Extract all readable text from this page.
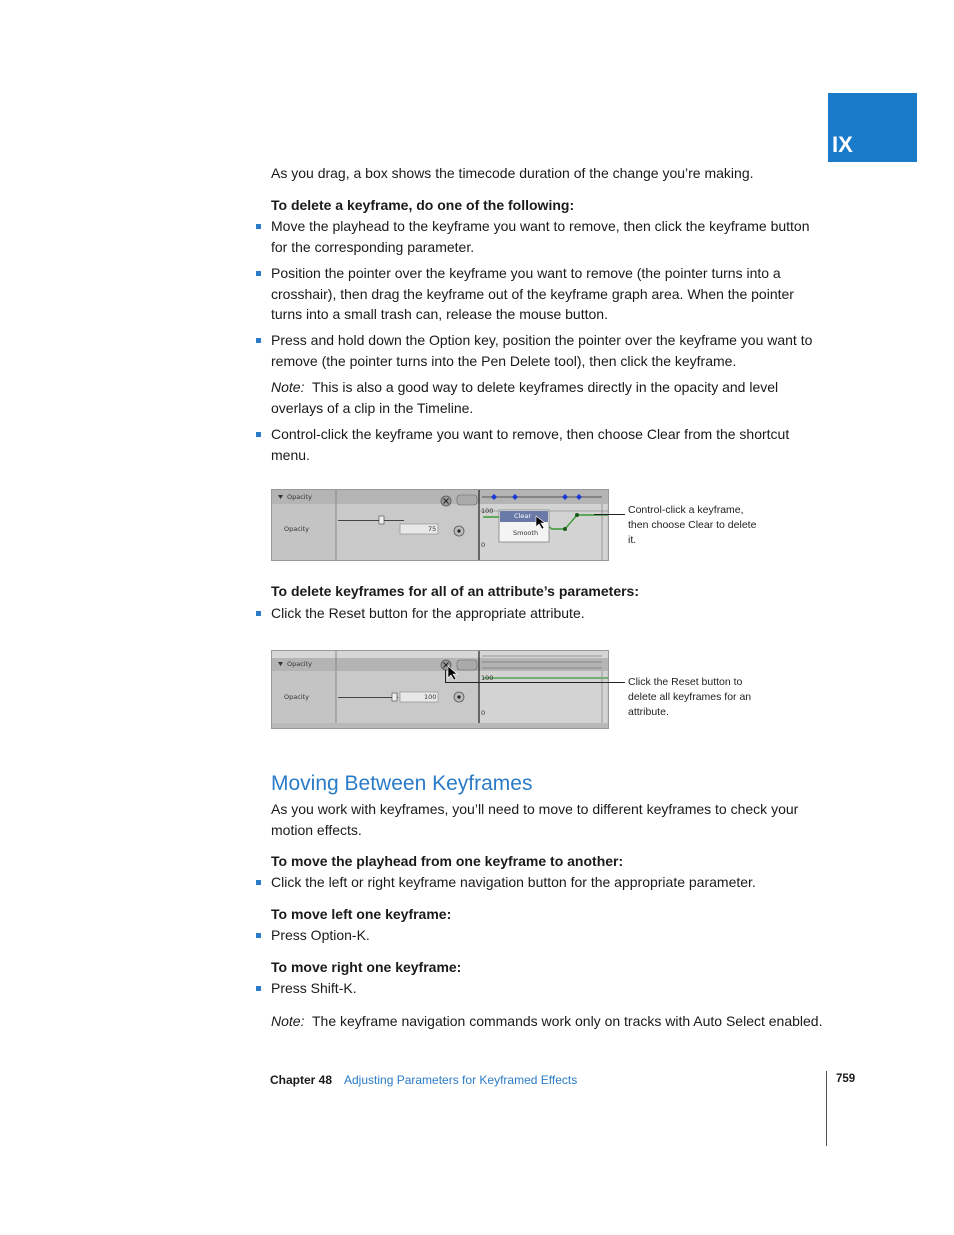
IX
As you drag, a box shows the timecode duration of the change you’re making.
To delete a keyframe, do one of the following:
Move the playhead to the keyframe you want to remove, then click the keyframe button for the corresponding parameter.
Position the pointer over the keyframe you want to remove (the pointer turns into a crosshair), then drag the keyframe out of the keyframe graph area. When the pointer turns into a small trash can, release the mouse button.
Press and hold down the Option key, position the pointer over the keyframe you want to remove (the pointer turns into the Pen Delete tool), then click the keyframe.
Note: This is also a good way to delete keyframes directly in the opacity and level overlays of a clip in the Timeline.
Control-click the keyframe you want to remove, then choose Clear from the shortcut menu.
Opacity
Opacity	75
100
0
Clear
Smooth
Control-click a keyframe, then choose Clear to delete it.
To delete keyframes for all of an attribute’s parameters:
Click the Reset button for the appropriate attribute.
Opacity
Opacity	100
100
0
Click the Reset button to delete all keyframes for an attribute.
Moving Between Keyframes
As you work with keyframes, you’ll need to move to different keyframes to check your motion effects.
To move the playhead from one keyframe to another:
Click the left or right keyframe navigation button for the appropriate parameter.
To move left one keyframe:
Press Option-K.
To move right one keyframe:
Press Shift-K.
Note: The keyframe navigation commands work only on tracks with Auto Select enabled.
Chapter 48 Adjusting Parameters for Keyframed Effects	759
